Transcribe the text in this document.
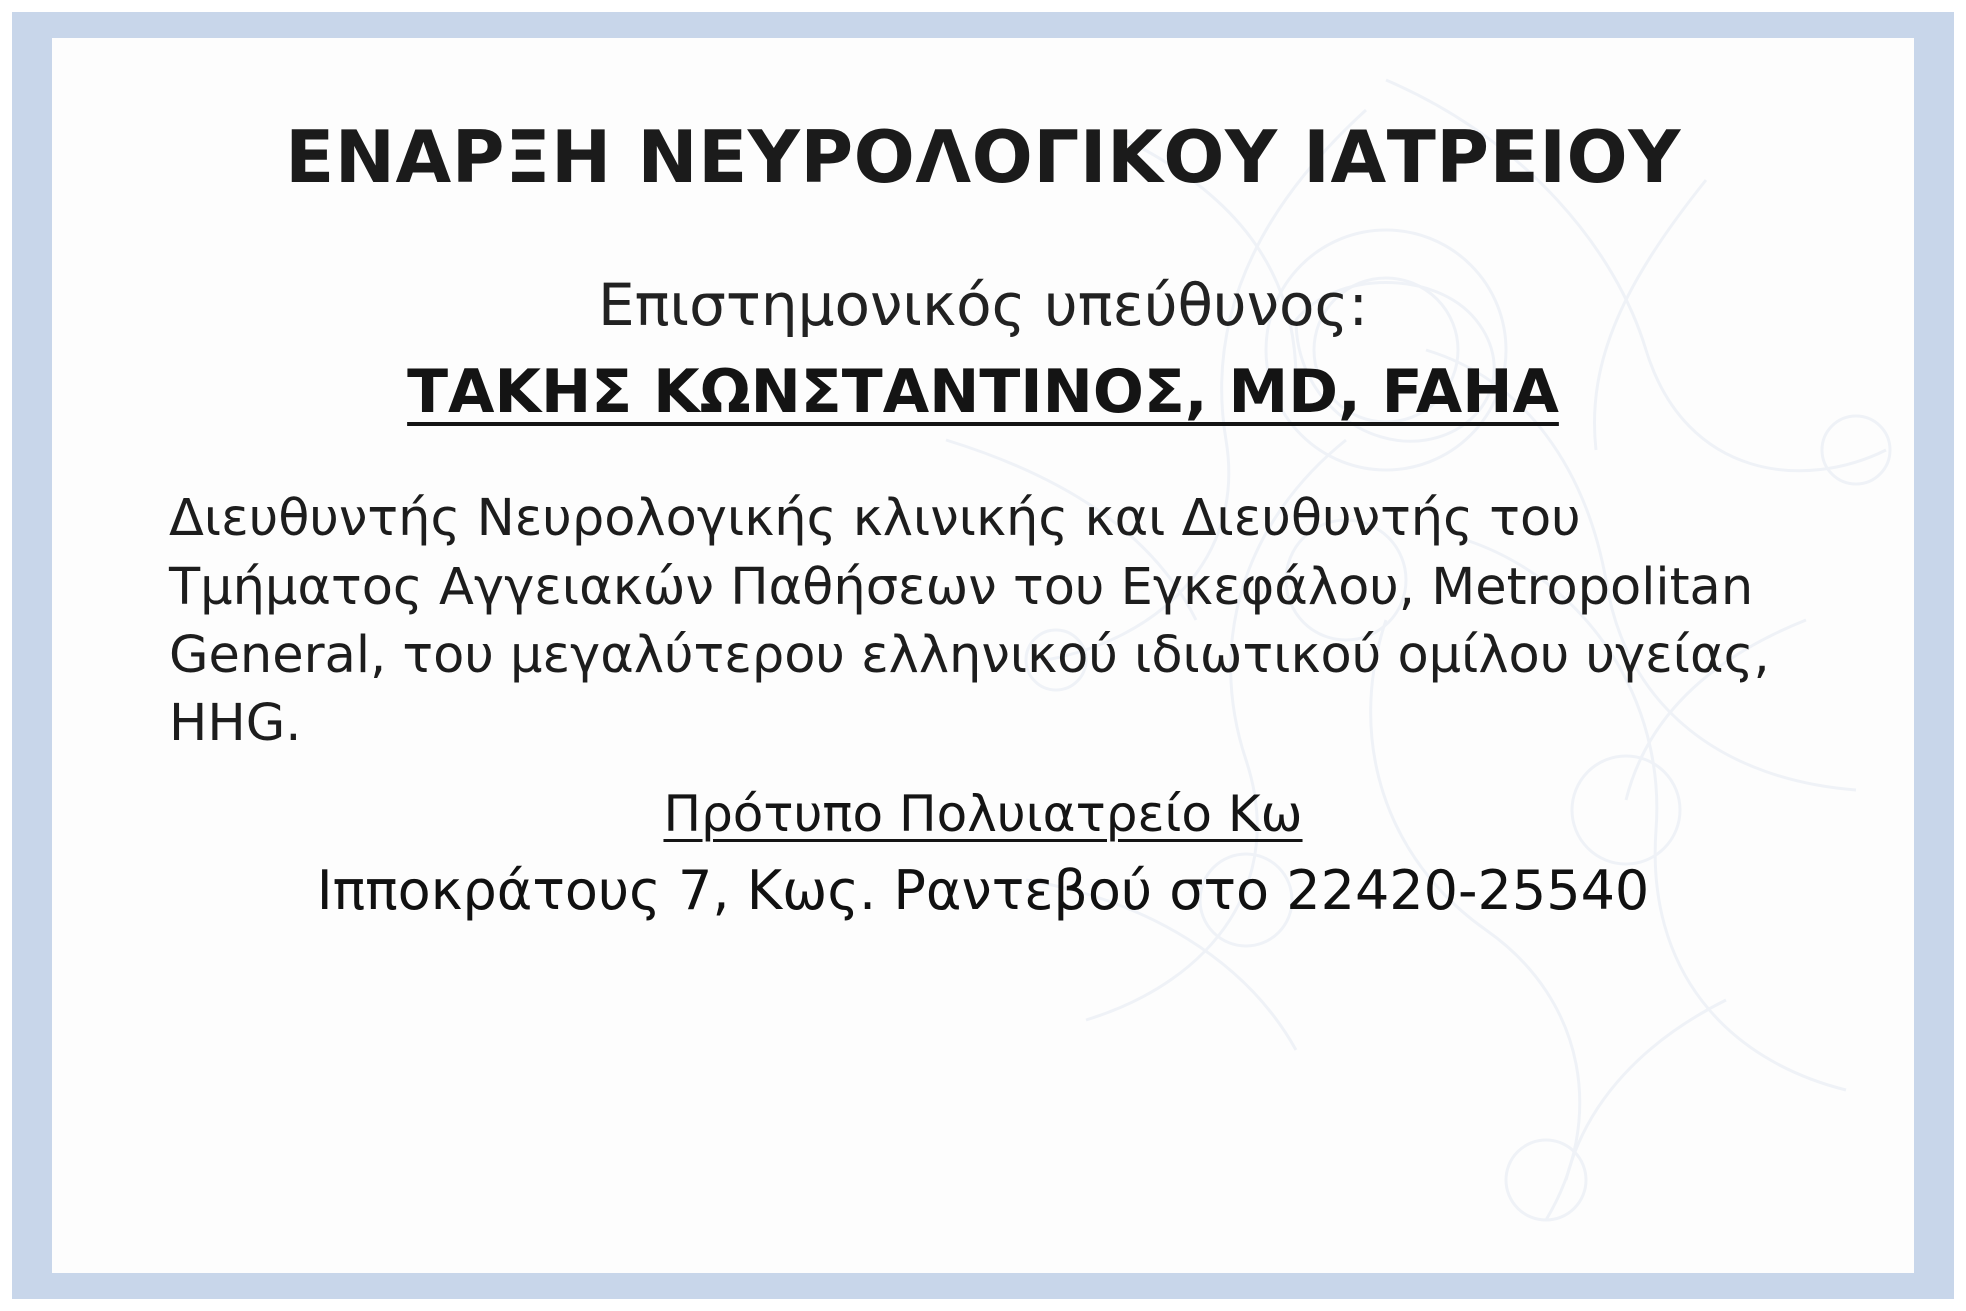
ΕΝΑΡΞΗ ΝΕΥΡΟΛΟΓΙΚΟΥ ΙΑΤΡΕΙΟΥ
Επιστημονικός υπεύθυνος:
ΤΑΚΗΣ ΚΩΝΣΤΑΝΤΙΝΟΣ, MD, FAHA
Διευθυντής Νευρολογικής κλινικής και Διευθυντής του Τμήματος Αγγειακών Παθήσεων του Εγκεφάλου, Metropolitan General, του μεγαλύτερου ελληνικού ιδιωτικού ομίλου υγείας, HHG.
Πρότυπο Πολυιατρείο Κω
Ιπποκράτους 7, Κως. Ραντεβού στο 22420-25540
